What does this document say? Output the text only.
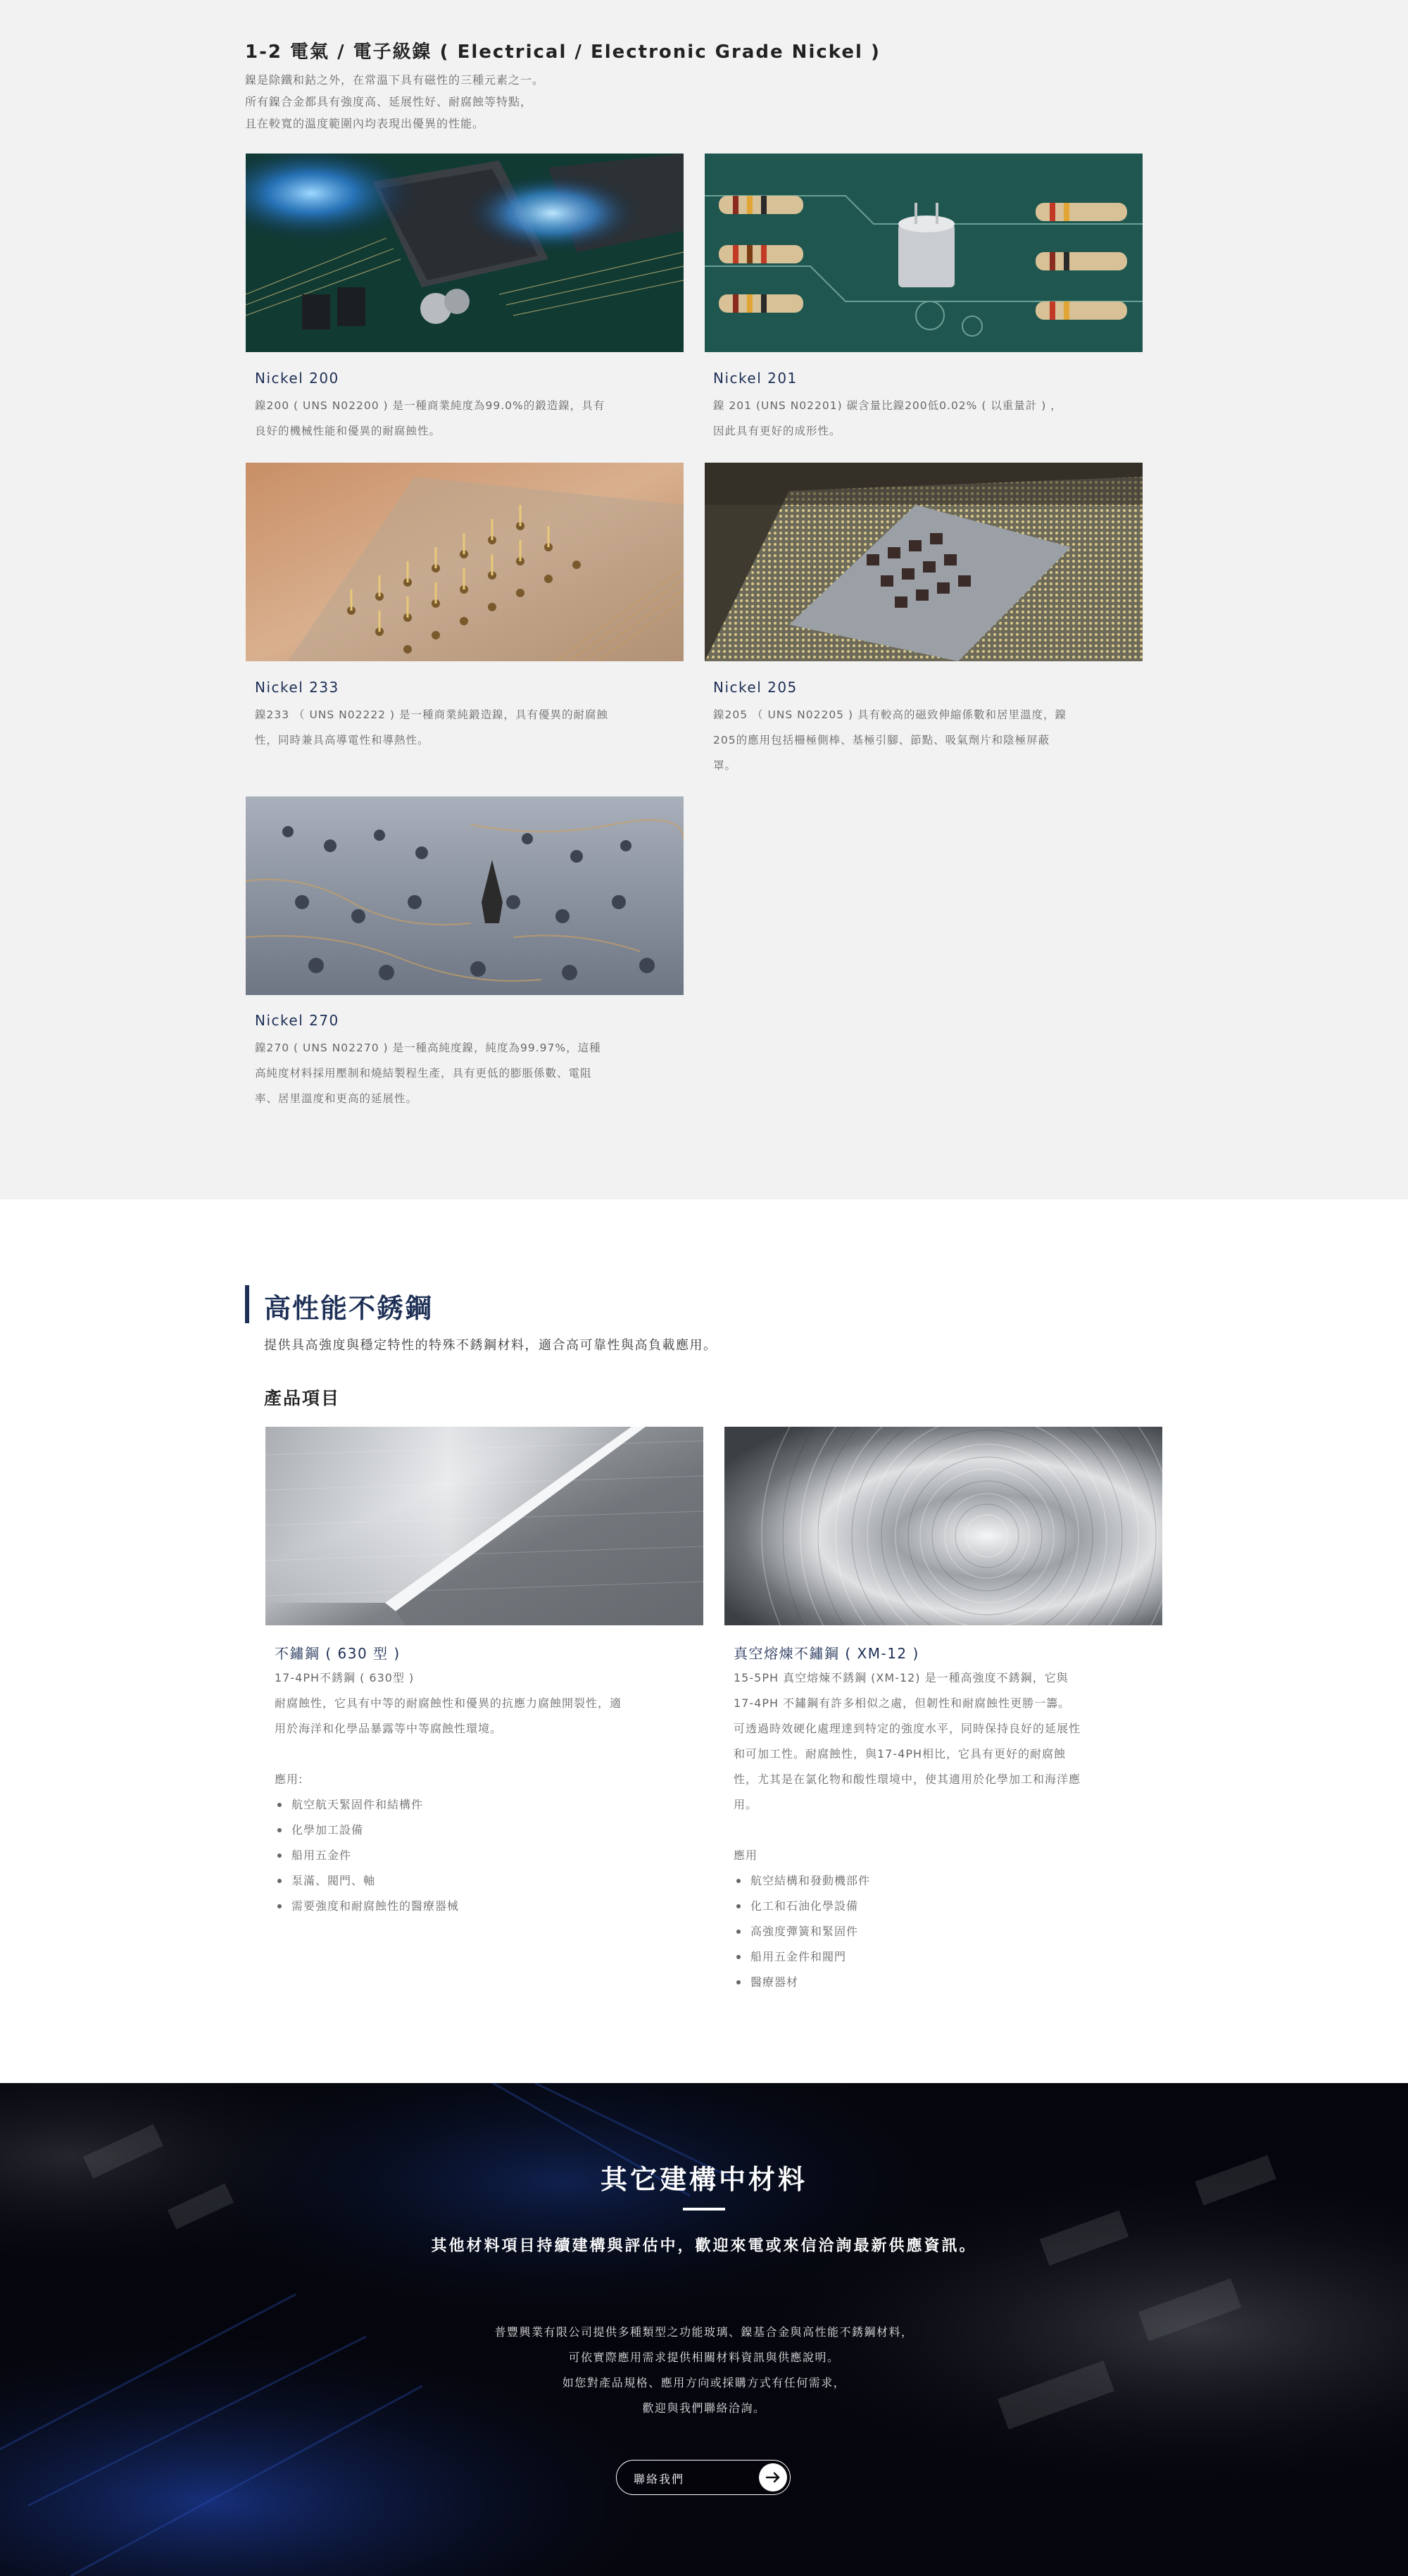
1-2 電氣 / 電子級鎳 ( Electrical / Electronic Grade Nickel )
鎳是除鐵和鈷之外，在常溫下具有磁性的三種元素之一。
所有鎳合金都具有強度高、延展性好、耐腐蝕等特點，
且在較寬的溫度範圍內均表現出優異的性能。
Nickel 200
鎳200 ( UNS N02200 ) 是一種商業純度為99.0%的鍛造鎳，具有
良好的機械性能和優異的耐腐蝕性。
Nickel 201
鎳 201 (UNS N02201) 碳含量比鎳200低0.02% ( 以重量計 ) ，
因此具有更好的成形性。
Nickel 233
鎳233 （ UNS N02222 ) 是一種商業純鍛造鎳，具有優異的耐腐蝕
性，同時兼具高導電性和導熱性。
Nickel 205
鎳205 （ UNS N02205 ) 具有較高的磁致伸縮係數和居里溫度，鎳
205的應用包括柵極側棒、基極引腳、節點、吸氣劑片和陰極屏蔽
罩。
Nickel 270
鎳270 ( UNS N02270 ) 是一種高純度鎳，純度為99.97%，這種
高純度材料採用壓制和燒結製程生產，具有更低的膨脹係數、電阻
率、居里溫度和更高的延展性。
高性能不銹鋼

提供具高強度與穩定特性的特殊不銹鋼材料，適合高可靠性與高負載應用。

產品項目
不鏽鋼 ( 630 型 )
17-4PH不銹鋼 ( 630型 )
耐腐蝕性，它具有中等的耐腐蝕性和優異的抗應力腐蝕開裂性，適
用於海洋和化學品暴露等中等腐蝕性環境。
應用:
航空航天緊固件和結構件
化學加工設備
船用五金件
泵滿、閥門、軸
需要強度和耐腐蝕性的醫療器械
真空熔煉不鏽鋼 ( XM-12 )
15-5PH 真空熔煉不銹鋼 (XM-12) 是一種高強度不銹鋼，它與
17-4PH 不鏽鋼有許多相似之處，但韌性和耐腐蝕性更勝一籌。
可透過時效硬化處理達到特定的強度水平，同時保持良好的延展性
和可加工性。耐腐蝕性，與17-4PH相比，它具有更好的耐腐蝕
性，尤其是在氯化物和酸性環境中，使其適用於化學加工和海洋應
用。
應用
航空結構和發動機部件
化工和石油化學設備
高強度彈簧和緊固件
船用五金件和閥門
醫療器材
其它建構中材料

其他材料項目持續建構與評估中，歡迎來電或來信洽詢最新供應資訊。

普豐興業有限公司提供多種類型之功能玻璃、鎳基合金與高性能不銹鋼材料，
可依實際應用需求提供相關材料資訊與供應說明。
如您對產品規格、應用方向或採購方式有任何需求，
歡迎與我們聯絡洽詢。
聯絡我們
